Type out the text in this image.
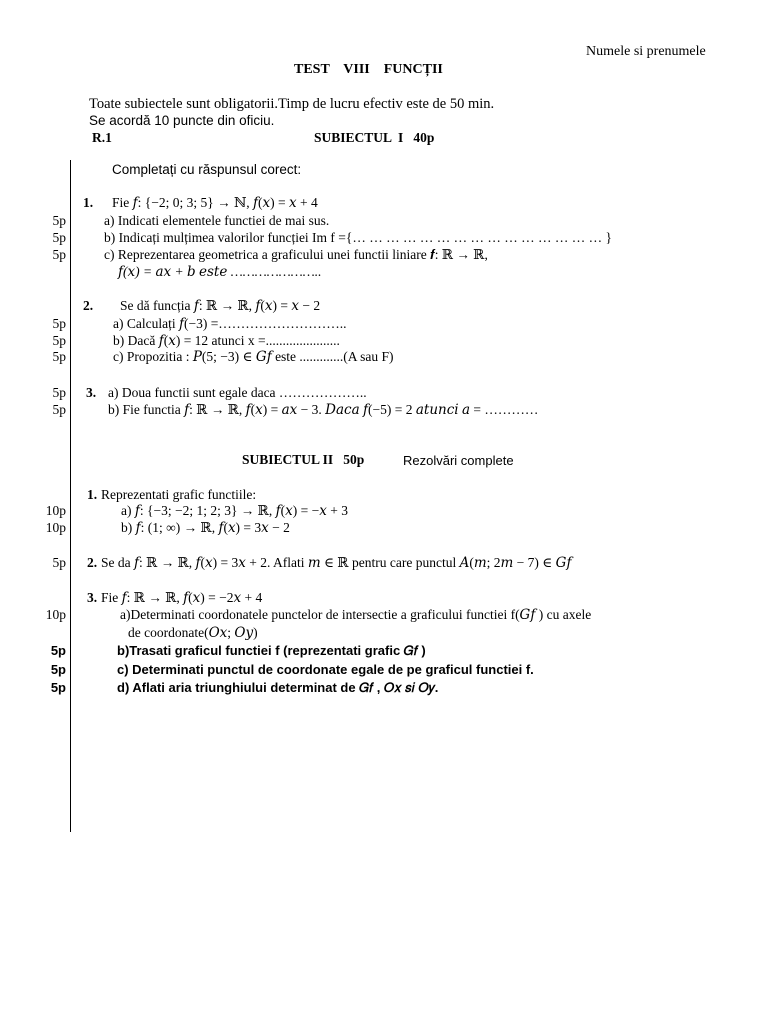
Numele si prenumele
TEST    VIII    FUNCȚII
Toate subiectele sunt obligatorii.Timp de lucru efectiv este de 50 min.
Se acordă 10 puncte din oficiu.
R.1	SUBIECTUL  I   40p
Completați cu răspunsul corect:
1. Fie 𝑓: {−2; 0; 3; 5} → ℕ, 𝑓(𝑥) = 𝑥 + 4
5p	a) Indicati elementele functiei de mai sus.
5p	b) Indicați mulțimea valorilor funcției Im f ={… … … … … … … … … … … … … … … }
5p	c) Reprezentarea geometrica a graficului unei functii liniare 𝒇: ℝ → ℝ,
𝑓(𝑥) = 𝑎𝑥 + 𝑏 𝑒𝑠𝑡𝑒 …………………..
2. Se dă funcția 𝑓: ℝ → ℝ, 𝑓(𝑥) = 𝑥 − 2
5p	a) Calculați 𝑓(−3) =………………………..
5p	b) Dacă 𝑓(𝑥) = 12 atunci x =......................
5p	c) Propozitia : 𝑃(5; −3) ∈ 𝐺𝑓 este .............(A sau F)
5p 3. a) Doua functii sunt egale daca ………………..
5p	b) Fie functia 𝑓: ℝ → ℝ, 𝑓(𝑥) = 𝑎𝑥 − 3. 𝐷𝑎𝑐𝑎 𝑓(−5) = 2 𝑎𝑡𝑢𝑛𝑐𝑖 𝑎 = …………
SUBIECTUL II   50p	Rezolvări complete
1. Reprezentati grafic functiile:
10p	a) 𝑓: {−3; −2; 1; 2; 3} → ℝ, 𝑓(𝑥) = −𝑥 + 3
10p	b) 𝑓: (1; ∞) → ℝ, 𝑓(𝑥) = 3𝑥 − 2
5p 2. Se da 𝑓: ℝ → ℝ, 𝑓(𝑥) = 3𝑥 + 2. Aflati 𝑚 ∈ ℝ pentru care punctul 𝐴(𝑚; 2𝑚 − 7) ∈ 𝐺𝑓
3. Fie 𝑓: ℝ → ℝ, 𝑓(𝑥) = −2𝑥 + 4
10p	a)Determinati coordonatele punctelor de intersectie a graficului functiei f(𝐺𝑓 ) cu axele
de coordonate(𝑂𝑥; 𝑂𝑦)
5p	b)Trasati graficul functiei f (reprezentati grafic 𝐺𝑓 )
5p	c) Determinati punctul de coordonate egale de pe graficul functiei f.
5p	d) Aflati aria triunghiului determinat de 𝐺𝑓 , 𝑂𝑥 𝑠𝑖 𝑂𝑦.
